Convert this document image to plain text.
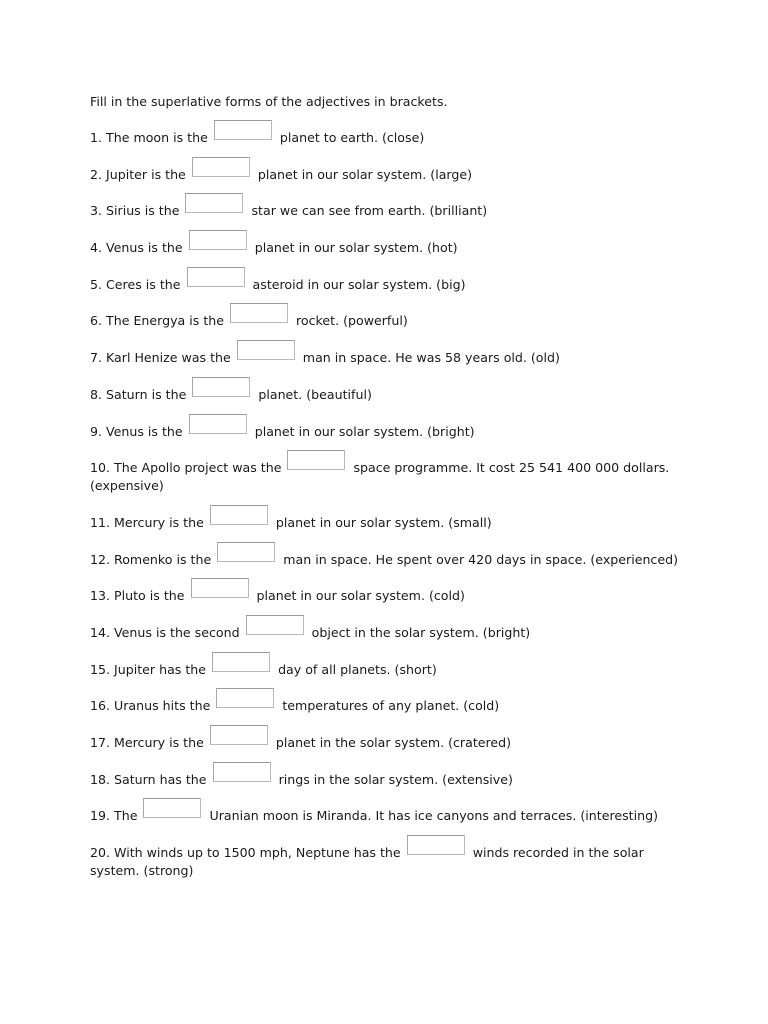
Fill in the superlative forms of the adjectives in brackets.

1. The moon is the	planet to earth. (close)
2. Jupiter is the	planet in our solar system. (large)
3. Sirius is the	star we can see from earth. (brilliant)
4. Venus is the	planet in our solar system. (hot)
5. Ceres is the	asteroid in our solar system. (big)
6. The Energya is the	rocket. (powerful)
7. Karl Henize was the	man in space. He was 58 years old. (old)
8. Saturn is the	planet. (beautiful)
9. Venus is the	planet in our solar system. (bright)
10. The Apollo project was the	space programme. It cost 25 541 400 000 dollars. (expensive)
11. Mercury is the	planet in our solar system. (small)
12. Romenko is the	man in space. He spent over 420 days in space. (experienced)
13. Pluto is the	planet in our solar system. (cold)
14. Venus is the second	object in the solar system. (bright)
15. Jupiter has the	day of all planets. (short)
16. Uranus hits the	temperatures of any planet. (cold)
17. Mercury is the	planet in the solar system. (cratered)
18. Saturn has the	rings in the solar system. (extensive)
19. The	Uranian moon is Miranda. It has ice canyons and terraces. (interesting)
20. With winds up to 1500 mph, Neptune has the	winds recorded in the solar system. (strong)
